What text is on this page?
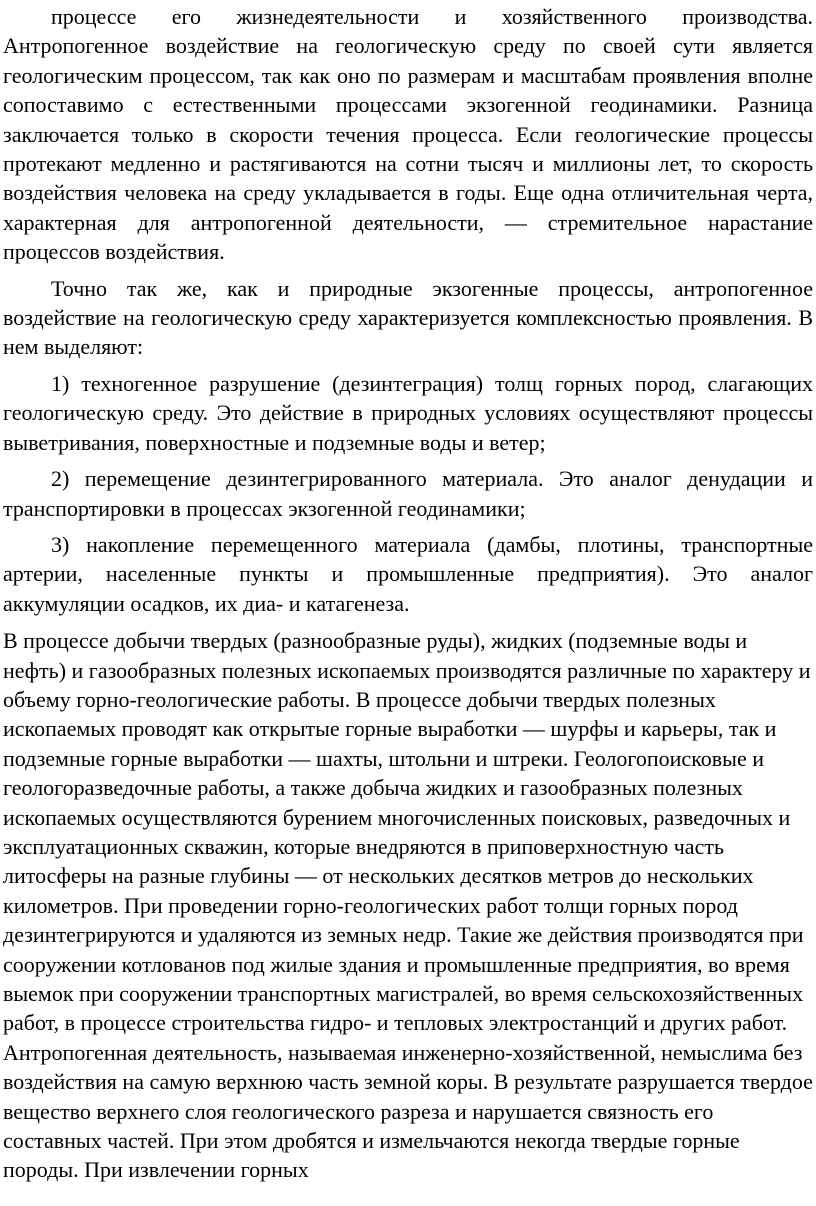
процессе его жизнедеятельности и хозяйственного производства. Антропогенное воздействие на геологическую среду по своей сути является геологическим процессом, так как оно по размерам и масштабам проявления вполне сопоставимо с естественными процессами экзогенной геодинамики. Разница заключается только в скорости течения процесса. Если геологические процессы протекают медленно и растягиваются на сотни тысяч и миллионы лет, то скорость воздействия человека на среду укладывается в годы. Еще одна отличительная черта, характерная для антропогенной деятельности, — стремительное нарастание процессов воздействия.

Точно так же, как и природные экзогенные процессы, антропогенное воздействие на геологическую среду характеризуется комплексностью проявления. В нем выделяют:

1) техногенное разрушение (дезинтеграция) толщ горных пород, слагающих геологическую среду. Это действие в природных условиях осуществляют процессы выветривания, поверхностные и подземные воды и ветер;

2) перемещение дезинтегрированного материала. Это аналог денудации и транспортировки в процессах экзогенной геодинамики;

3) накопление перемещенного материала (дамбы, плотины, транспортные артерии, населенные пункты и промышленные предприятия). Это аналог аккумуляции осадков, их диа- и катагенеза.

В процессе добычи твердых (разнообразные руды), жидких (подземные воды и нефть) и газообразных полезных ископаемых производятся различные по характеру и объему горно-геологические работы. В процессе добычи твердых полезных ископаемых проводят как открытые горные выработки — шурфы и карьеры, так и подземные горные выработки — шахты, штольни и штреки. Геологопоисковые и геологоразведочные работы, а также добыча жидких и газообразных полезных ископаемых осуществляются бурением многочисленных поисковых, разведочных и эксплуатационных скважин, которые внедряются в приповерхностную часть литосферы на разные глубины — от нескольких десятков метров до нескольких километров. При проведении горно-геологических работ толщи горных пород дезинтегрируются и удаляются из земных недр. Такие же действия производятся при сооружении котлованов под жилые здания и промышленные предприятия, во время выемок при сооружении транспортных магистралей, во время сельскохозяйственных работ, в процессе строительства гидро- и тепловых электростанций и других работ. Антропогенная деятельность, называемая инженерно-хозяйственной, немыслима без воздействия на самую верхнюю часть земной коры. В результате разрушается твердое вещество верхнего слоя геологического разреза и нарушается связность его составных частей. При этом дробятся и измельчаются некогда твердые горные породы. При извлечении горных
